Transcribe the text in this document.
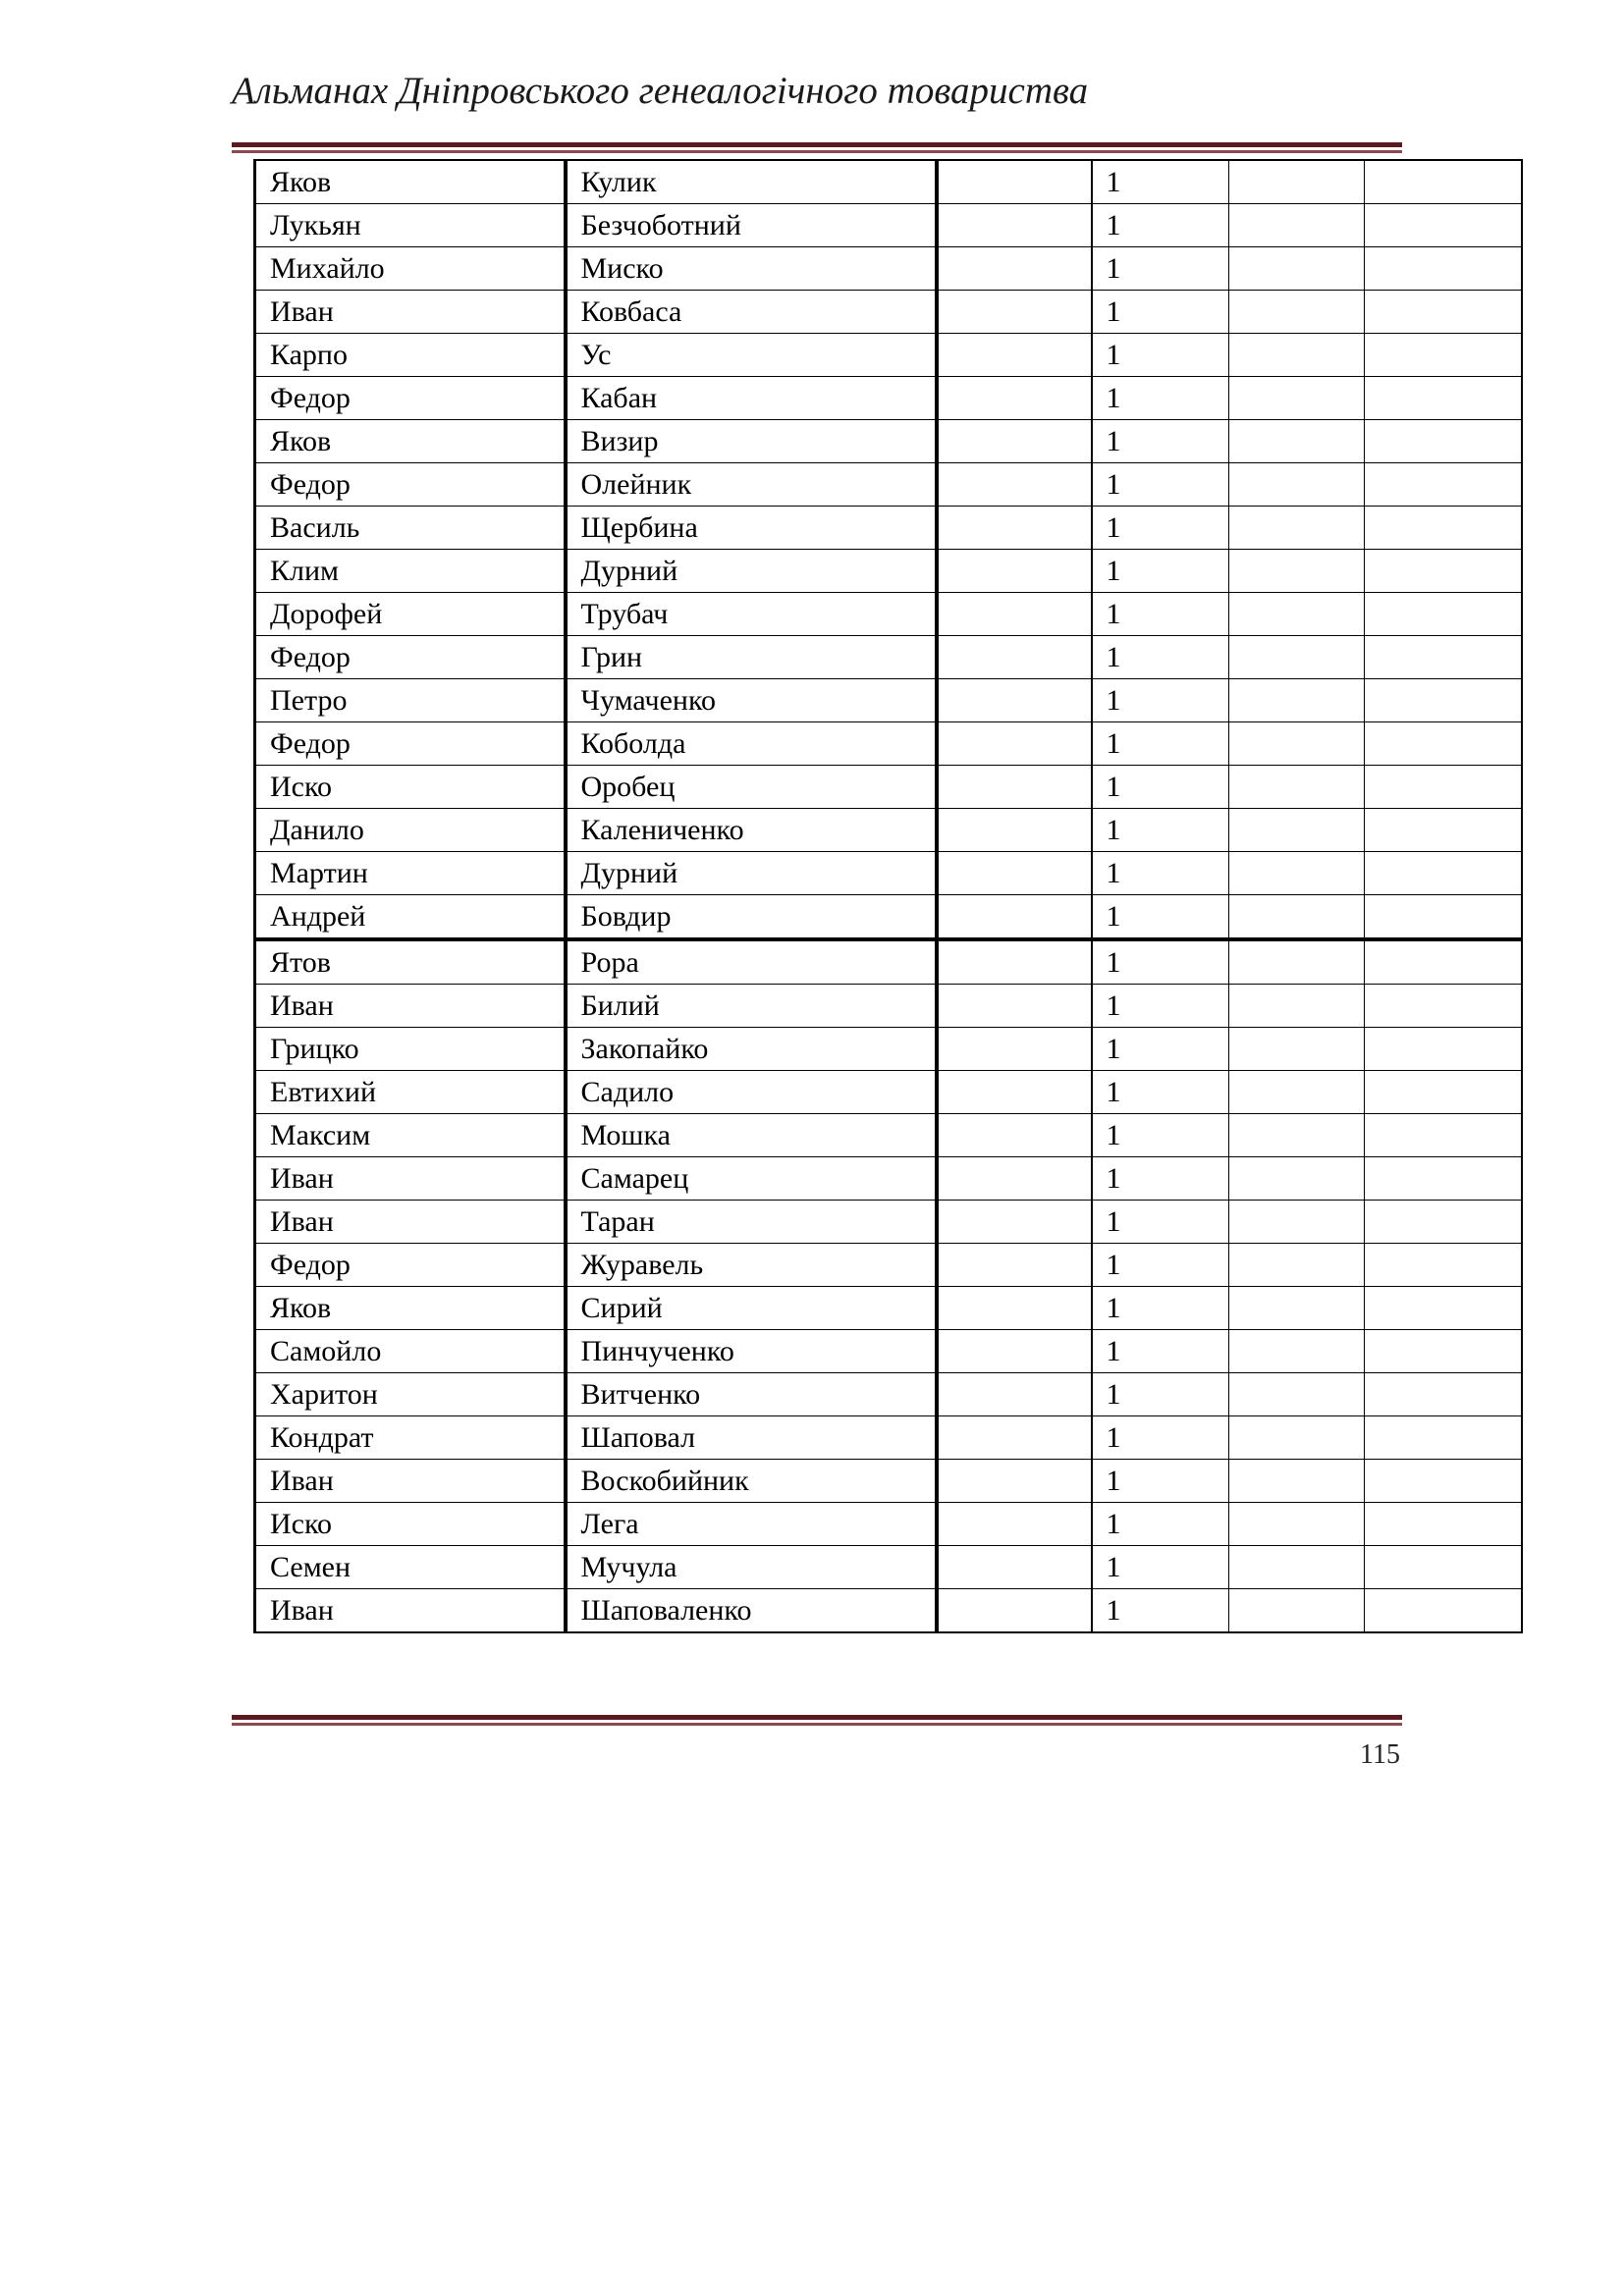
Альманах Дніпровського генеалогічного товариства
Яков	Кулик		1		
Лукьян	Безчоботний		1		
Михайло	Миско		1		
Иван	Ковбаса		1		
Карпо	Ус		1		
Федор	Кабан		1		
Яков	Визир		1		
Федор	Олейник		1		
Василь	Щербина		1		
Клим	Дурний		1		
Дорофей	Трубач		1		
Федор	Грин		1		
Петро	Чумаченко		1		
Федор	Коболда		1		
Иско	Оробец		1		
Данило	Калениченко		1		
Мартин	Дурний		1		
Андрей	Бовдир		1		
Ятов	Рора		1		
Иван	Билий		1		
Грицко	Закопайко		1		
Евтихий	Садило		1		
Максим	Мошка		1		
Иван	Самарец		1		
Иван	Таран		1		
Федор	Журавель		1		
Яков	Сирий		1		
Самойло	Пинчученко		1		
Харитон	Витченко		1		
Кондрат	Шаповал		1		
Иван	Воскобийник		1		
Иско	Лега		1		
Семен	Мучула		1		
Иван	Шаповаленко		1		
115
